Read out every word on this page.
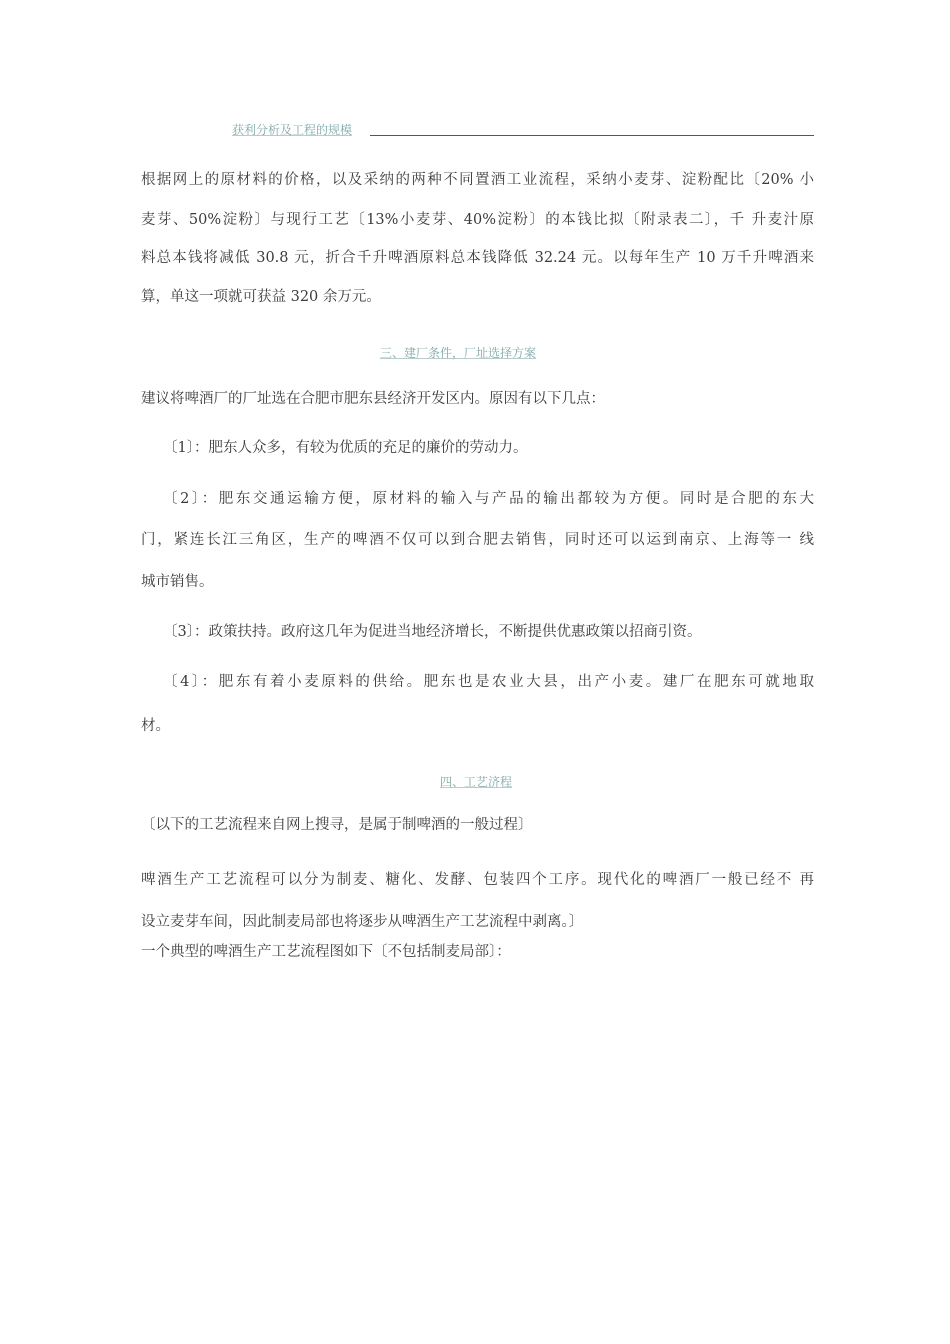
获利分析及工程的规模
根据网上的原材料的价格，以及采纳的两种不同置酒工业流程，采纳小麦芽、淀粉配比〔20% 小
麦芽、50%淀粉〕与现行工艺〔13%小麦芽、40%淀粉〕的本钱比拟〔附录表二〕，千 升麦汁原
料总本钱将减低 30.8 元，折合千升啤酒原料总本钱降低 32.24 元。以每年生产 10 万千升啤酒来
算，单这一项就可获益 320 余万元。
三、建厂条件，厂址选择方案
建议将啤酒厂的厂址选在合肥市肥东县经济开发区内。原因有以下几点：
〔1〕：肥东人众多，有较为优质的充足的廉价的劳动力。
〔2〕：肥东交通运输方便，原材料的输入与产品的输出都较为方便。同时是合肥的东大
门，紧连长江三角区，生产的啤酒不仅可以到合肥去销售，同时还可以运到南京、上海等一 线
城市销售。
〔3〕：政策扶持。政府这几年为促进当地经济增长，不断提供优惠政策以招商引资。
〔4〕：肥东有着小麦原料的供给。肥东也是农业大县，出产小麦。建厂在肥东可就地取
材。
四、工艺济程
〔以下的工艺流程来自网上搜寻，是属于制啤酒的一般过程〕
啤酒生产工艺流程可以分为制麦、糖化、发酵、包装四个工序。现代化的啤酒厂一般已经不 再
设立麦芽车间，因此制麦局部也将逐步从啤酒生产工艺流程中剥离。〕
一个典型的啤酒生产工艺流程图如下〔不包括制麦局部〕：
